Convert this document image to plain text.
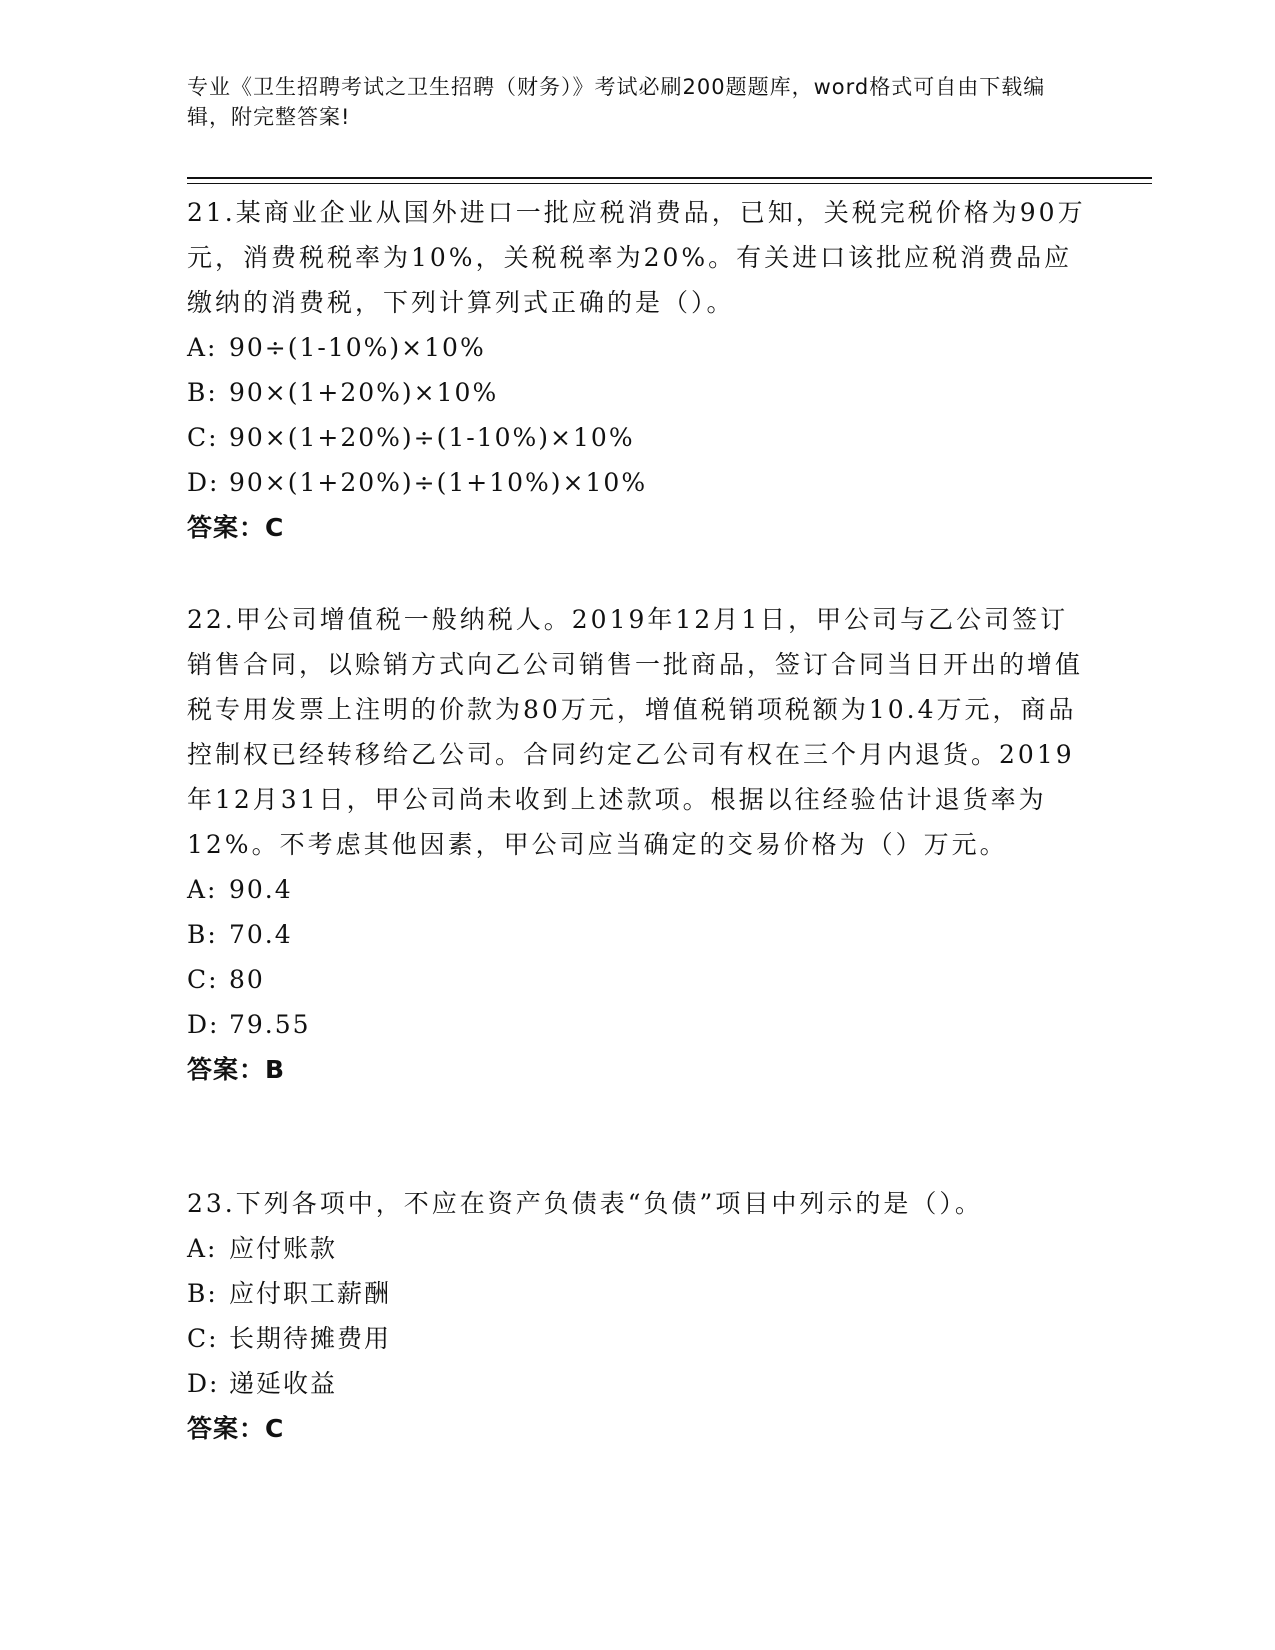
专业《卫生招聘考试之卫生招聘（财务）》考试必刷200题题库，word格式可自由下载编辑，附完整答案!

21.某商业企业从国外进口一批应税消费品，已知，关税完税价格为90万元，消费税税率为10%，关税税率为20%。有关进口该批应税消费品应缴纳的消费税，下列计算列式正确的是（）。

A: 90÷(1-10%)×10%

B: 90×(1+20%)×10%

C: 90×(1+20%)÷(1-10%)×10%

D: 90×(1+20%)÷(1+10%)×10%

答案：C

22.甲公司增值税一般纳税人。2019年12月1日，甲公司与乙公司签订销售合同，以赊销方式向乙公司销售一批商品，签订合同当日开出的增值税专用发票上注明的价款为80万元，增值税销项税额为10.4万元，商品控制权已经转移给乙公司。合同约定乙公司有权在三个月内退货。2019年12月31日，甲公司尚未收到上述款项。根据以往经验估计退货率为12%。不考虑其他因素，甲公司应当确定的交易价格为（）万元。

A: 90.4

B: 70.4

C: 80

D: 79.55

答案：B

23.下列各项中，不应在资产负债表“负债”项目中列示的是（）。

A: 应付账款

B: 应付职工薪酬

C: 长期待摊费用

D: 递延收益

答案：C
